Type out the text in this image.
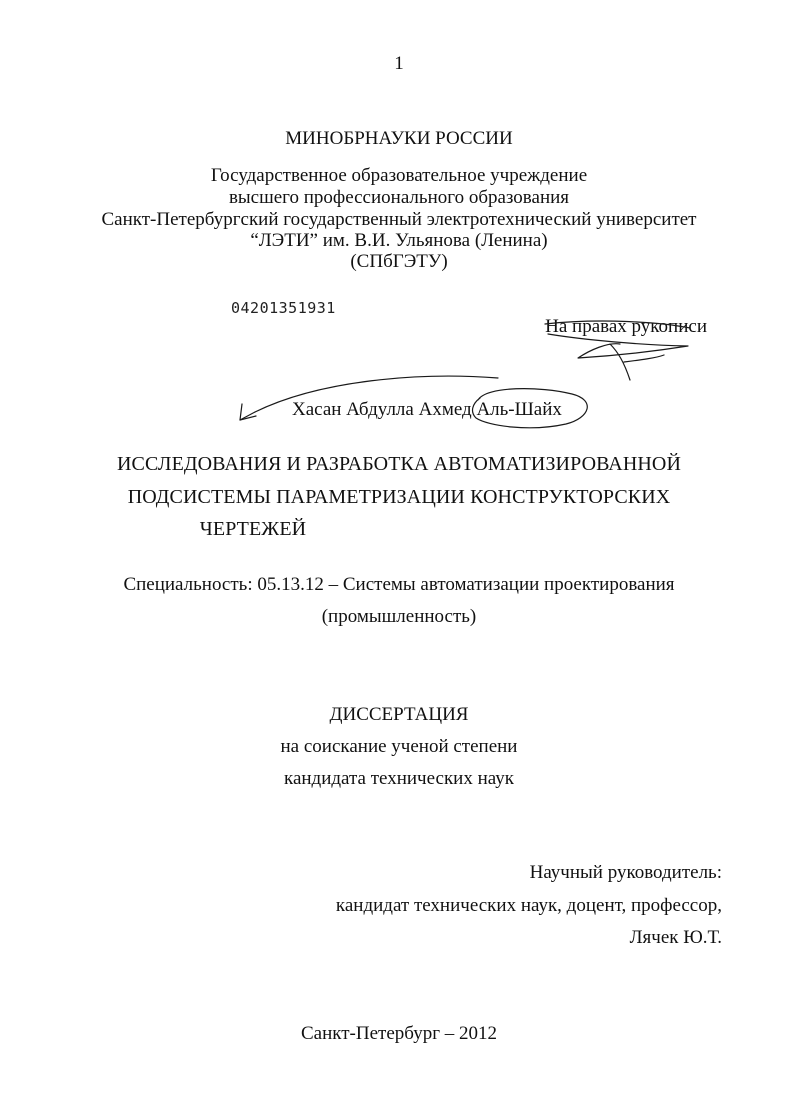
1
МИНОБРНАУКИ РОССИИ
Государственное образовательное учреждение
высшего профессионального образования
Санкт-Петербургский государственный электротехнический университет
“ЛЭТИ” им. В.И. Ульянова (Ленина)
(СПбГЭТУ)
04201351931
На правах рукописи
Хасан Абдулла Ахмед Аль-Шайх
ИССЛЕДОВАНИЯ И РАЗРАБОТКА АВТОМАТИЗИРОВАННОЙ
ПОДСИСТЕМЫ ПАРАМЕТРИЗАЦИИ КОНСТРУКТОРСКИХ
ЧЕРТЕЖЕЙ
Специальность: 05.13.12 – Системы автоматизации проектирования
(промышленность)
ДИССЕРТАЦИЯ
на соискание ученой степени
кандидата технических наук
Научный руководитель:
кандидат технических наук, доцент, профессор,
Лячек Ю.Т.
Санкт-Петербург – 2012
